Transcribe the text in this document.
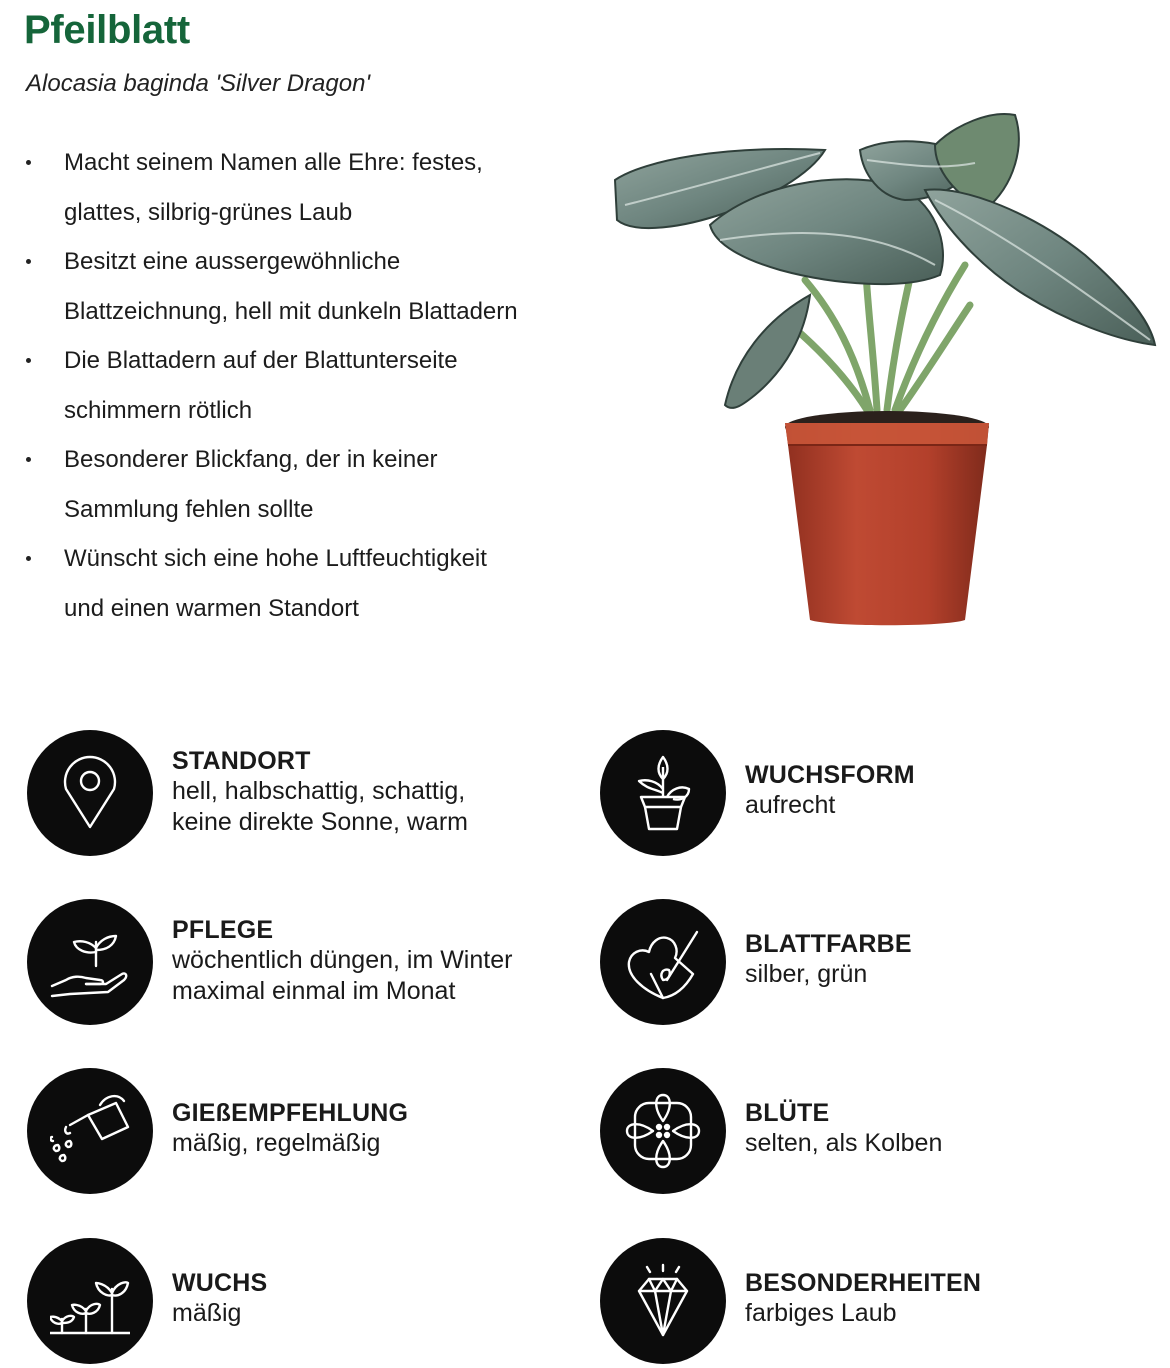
Pfeilblatt
Alocasia baginda 'Silver Dragon'
Macht seinem Namen alle Ehre: festes,
glattes, silbrig-grünes Laub
Besitzt eine aussergewöhnliche
Blattzeichnung, hell mit dunkeln Blattadern
Die Blattadern auf der Blattunterseite
schimmern rötlich
Besonderer Blickfang, der in keiner
Sammlung fehlen sollte
Wünscht sich eine hohe Luftfeuchtigkeit
und einen warmen Standort
STANDORT
hell, halbschattig, schattig,
keine direkte Sonne, warm
WUCHSFORM
aufrecht
PFLEGE
wöchentlich düngen, im Winter
maximal einmal im Monat
BLATTFARBE
silber, grün
GIEßEMPFEHLUNG
mäßig, regelmäßig
BLÜTE
selten, als Kolben
WUCHS
mäßig
BESONDERHEITEN
farbiges Laub
